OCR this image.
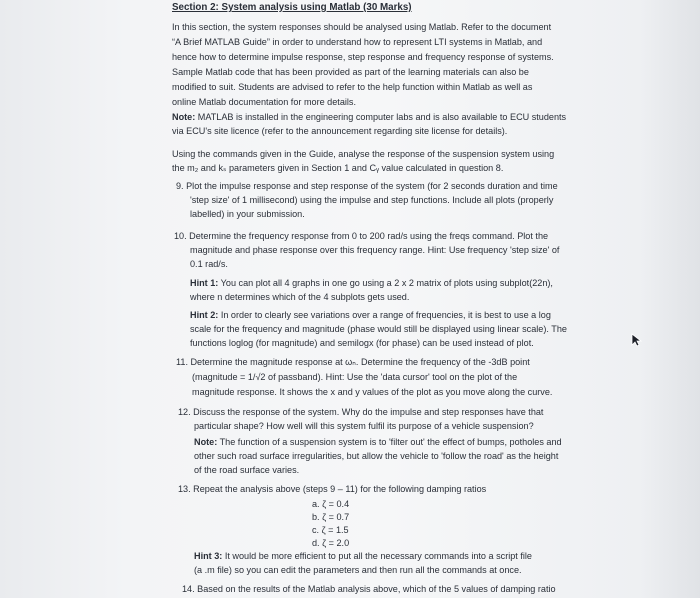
Section 2: System analysis using Matlab (30 Marks)
In this section, the system responses should be analysed using Matlab. Refer to the document
“A Brief MATLAB Guide” in order to understand how to represent LTI systems in Matlab, and
hence how to determine impulse response, step response and frequency response of systems.
Sample Matlab code that has been provided as part of the learning materials can also be
modified to suit. Students are advised to refer to the help function within Matlab as well as
online Matlab documentation for more details.
Note: MATLAB is installed in the engineering computer labs and is also available to ECU students
via ECU's site licence (refer to the announcement regarding site license for details).
Using the commands given in the Guide, analyse the response of the suspension system using
the m₂ and kₛ parameters given in Section 1 and Cᵧ value calculated in question 8.
9. Plot the impulse response and step response of the system (for 2 seconds duration and time
'step size' of 1 millisecond) using the impulse and step functions. Include all plots (properly
labelled) in your submission.
10. Determine the frequency response from 0 to 200 rad/s using the freqs command. Plot the
magnitude and phase response over this frequency range. Hint: Use frequency 'step size' of
0.1 rad/s.
Hint 1: You can plot all 4 graphs in one go using a 2 x 2 matrix of plots using subplot(22n),
where n determines which of the 4 subplots gets used.
Hint 2: In order to clearly see variations over a range of frequencies, it is best to use a log
scale for the frequency and magnitude (phase would still be displayed using linear scale). The
functions loglog (for magnitude) and semilogx (for phase) can be used instead of plot.
11. Determine the magnitude response at ωₙ. Determine the frequency of the -3dB point
(magnitude = 1/√2 of passband). Hint: Use the 'data cursor' tool on the plot of the
magnitude response. It shows the x and y values of the plot as you move along the curve.
12. Discuss the response of the system. Why do the impulse and step responses have that
particular shape? How well will this system fulfil its purpose of a vehicle suspension?
Note: The function of a suspension system is to 'filter out' the effect of bumps, potholes and
other such road surface irregularities, but allow the vehicle to 'follow the road' as the height
of the road surface varies.
13. Repeat the analysis above (steps 9 – 11) for the following damping ratios
a. ζ = 0.4
b. ζ = 0.7
c. ζ = 1.5
d. ζ = 2.0
Hint 3: It would be more efficient to put all the necessary commands into a script file
(a .m file) so you can edit the parameters and then run all the commands at once.
14. Based on the results of the Matlab analysis above, which of the 5 values of damping ratio
